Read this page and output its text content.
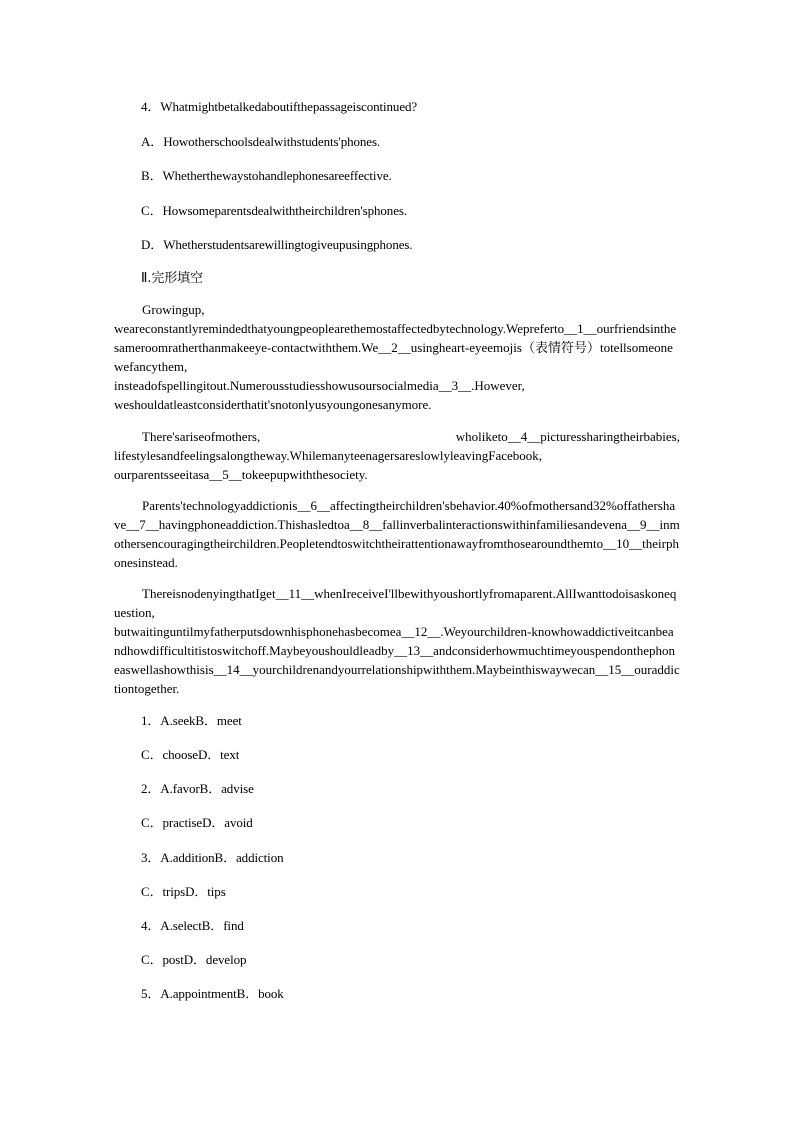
4．Whatmightbetalkedaboutifthepassageiscontinued?
A．Howotherschoolsdealwithstudents'phones.
B．Whetherthewaystohandlephonesareeffective.
C．Howsomeparentsdealwiththeirchildren'sphones.
D．Whetherstudentsarewillingtogiveupusingphones.
Ⅱ.完形填空
Growingup,
weareconstantlyremindedthatyoungpeoplearethemostaffectedbytechnology.Wepreferto__1__ourfriendsinthesameroomratherthanmakeeye-contactwiththem.We__2__usingheart-eyeemojis（表情符号）totellsomeonewefancythem,
insteadofspellingitout.Numerousstudiesshowusoursocialmedia__3__.However,
weshouldatleastconsiderthatit'snotonlyusyoungonesanymore.
There'sariseofmothers,	wholiketo__4__picturessharingtheirbabies,
lifestylesandfeelingsalongtheway.WhilemanyteenagersareslowlyleavingFacebook,
ourparentsseeitasa__5__tokeepupwiththesociety.
Parents'technologyaddictionis__6__affectingtheirchildren'sbehavior.40%ofmothersand32%offathershave__7__havingphoneaddiction.Thishasledtoa__8__fallinverbalinteractionswithinfamiliesandevena__9__inmothersencouragingtheirchildren.Peopletendtoswitchtheirattentionawayfromthosearoundthemto__10__theirphonesinstead.
ThereisnodenyingthatIget__11__whenIreceiveI'llbewithyoushortlyfromaparent.AllIwanttodoisaskonequestion,
butwaitinguntilmyfatherputsdownhisphonehasbecomea__12__.Weyourchildren-knowhowaddictiveitcanbeandhowdifficultitistoswitchoff.Maybeyoushouldleadby__13__andconsiderhowmuchtimeyouspendonthephoneaswellashowthisis__14__yourchildrenandyourrelationshipwiththem.Maybeinthiswaywecan__15__ouraddictiontogether.
1．A.seekB．meet
C．chooseD．text
2．A.favorB．advise
C．practiseD．avoid
3．A.additionB．addiction
C．tripsD．tips
4．A.selectB．find
C．postD．develop
5．A.appointmentB．book
